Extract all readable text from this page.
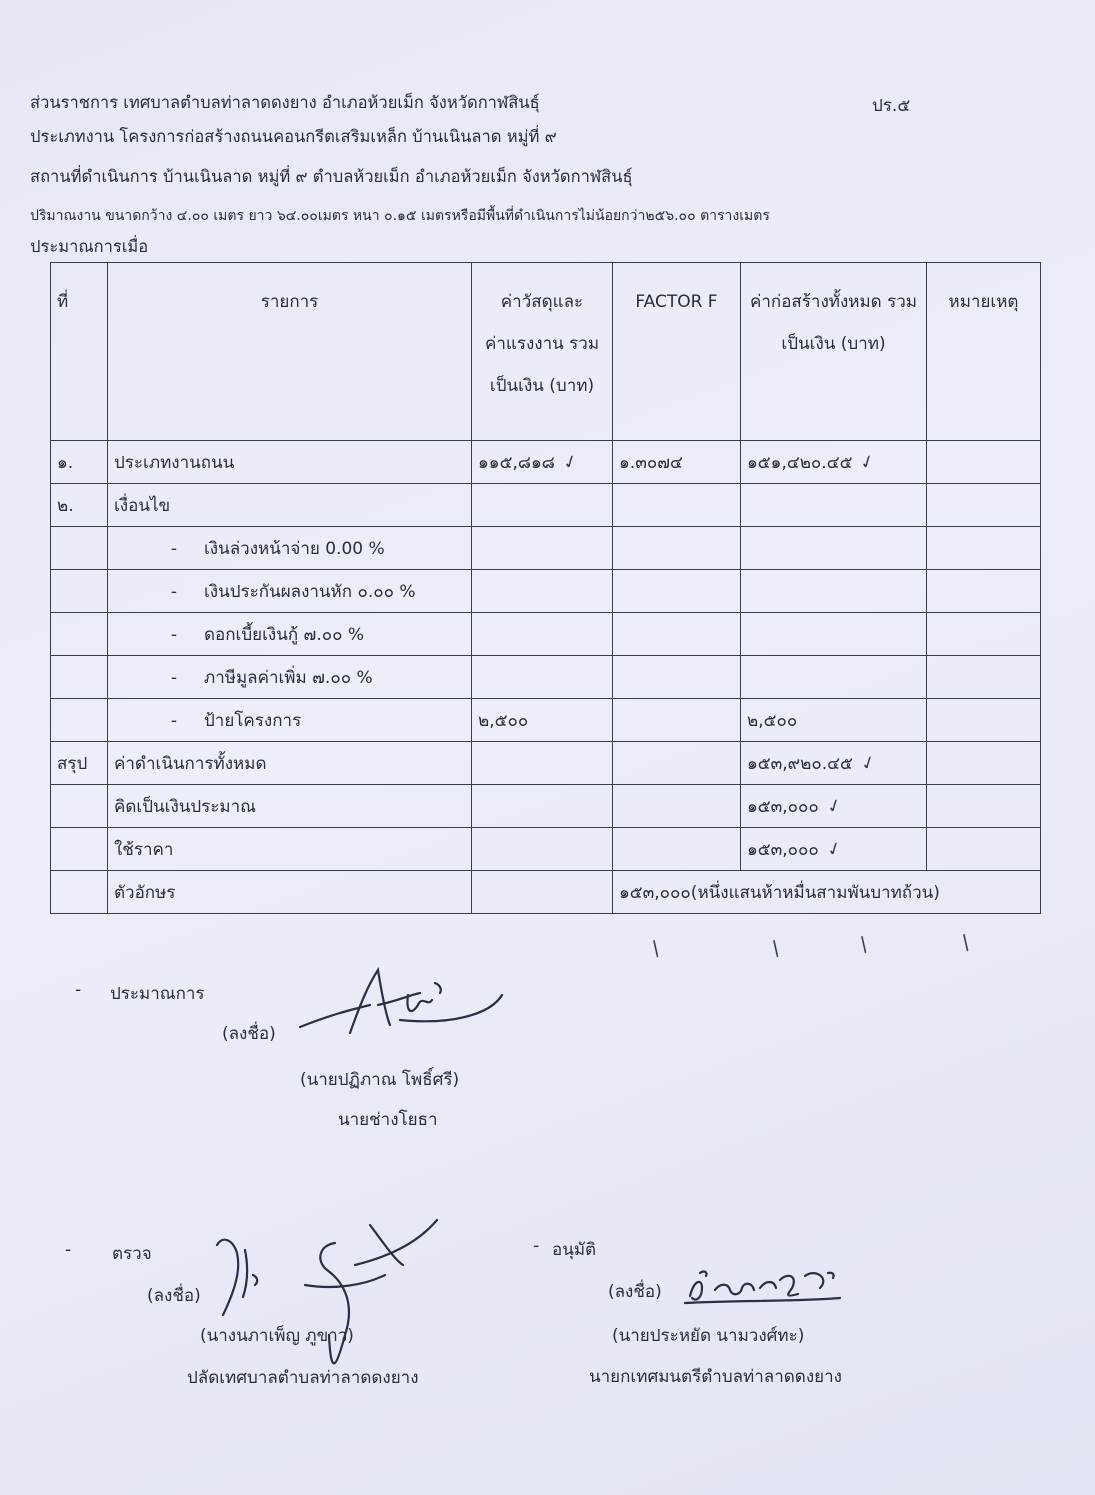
ส่วนราชการ เทศบาลตำบลท่าลาดดงยาง อำเภอห้วยเม็ก จังหวัดกาฬสินธุ์	ปร.๕
ประเภทงาน โครงการก่อสร้างถนนคอนกรีตเสริมเหล็ก บ้านเนินลาด หมู่ที่ ๙
สถานที่ดำเนินการ บ้านเนินลาด หมู่ที่ ๙ ตำบลห้วยเม็ก อำเภอห้วยเม็ก จังหวัดกาฬสินธุ์
ปริมาณงาน ขนาดกว้าง ๔.๐๐ เมตร ยาว ๖๔.๐๐เมตร หนา ๐.๑๕ เมตรหรือมีพื้นที่ดำเนินการไม่น้อยกว่า๒๕๖.๐๐ ตารางเมตร
ประมาณการเมื่อ
ที่	รายการ	ค่าวัสดุและ ค่าแรงงาน รวมเป็นเงิน (บาท)	FACTOR F	ค่าก่อสร้างทั้งหมด รวมเป็นเงิน (บาท)	หมายเหตุ
๑.	ประเภทงานถนน	๑๑๕,๘๑๘ ✓	๑.๓๐๗๔	๑๕๑,๔๒๐.๔๕ ✓	
๒.	เงื่อนไข				
	- เงินล่วงหน้าจ่าย 0.00 %				
	- เงินประกันผลงานหัก ๐.๐๐ %				
	- ดอกเบี้ยเงินกู้ ๗.๐๐ %				
	- ภาษีมูลค่าเพิ่ม ๗.๐๐ %				
	- ป้ายโครงการ	๒,๕๐๐		๒,๕๐๐	
สรุป	ค่าดำเนินการทั้งหมด			๑๕๓,๙๒๐.๔๕ ✓	
	คิดเป็นเงินประมาณ			๑๕๓,๐๐๐ ✓	
	ใช้ราคา			๑๕๓,๐๐๐ ✓	
	ตัวอักษร		๑๕๓,๐๐๐(หนึ่งแสนห้าหมื่นสามพันบาทถ้วน)		
/	/	/	/
- ประมาณการ
(ลงชื่อ)
(นายปฏิภาณ โพธิ์ศรี)
นายช่างโยธา
- ตรวจ
(ลงชื่อ)
(นางนภาเพ็ญ ภูขาว)
ปลัดเทศบาลตำบลท่าลาดดงยาง
- อนุมัติ
(ลงชื่อ)
(นายประหยัด นามวงศ์ทะ)
นายกเทศมนตรีตำบลท่าลาดดงยาง
